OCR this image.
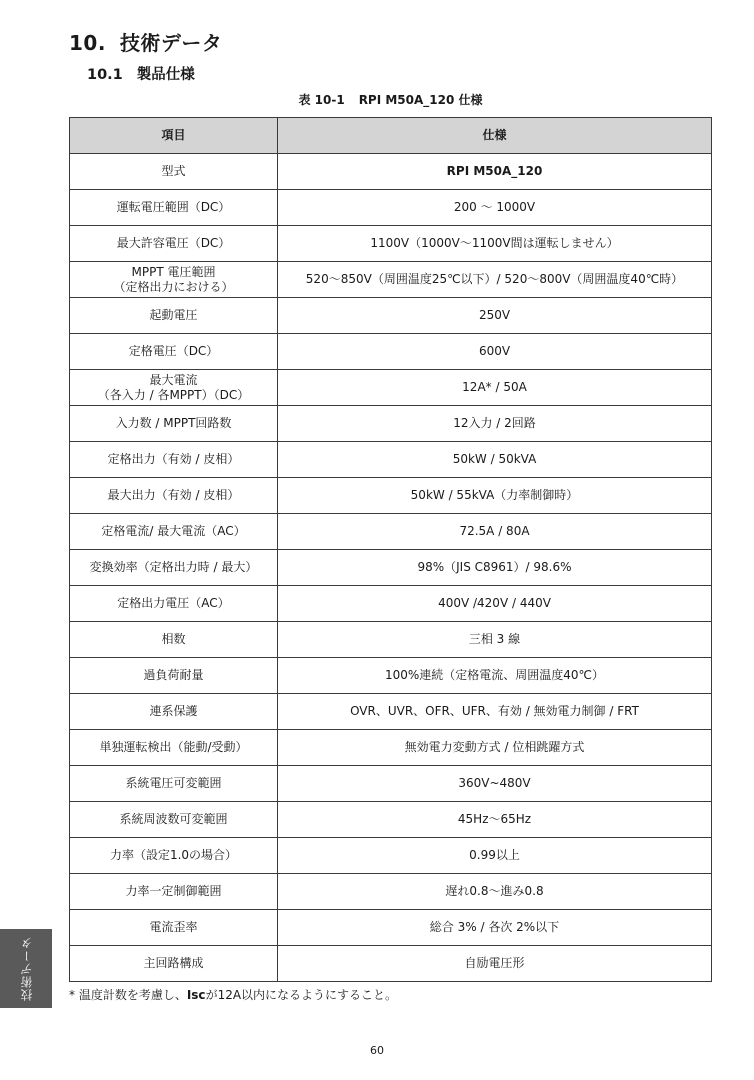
10. 技術データ
10.1 製品仕様
表 10-1 RPI M50A_120 仕様
項目	仕様
型式	RPI M50A_120
運転電圧範囲（DC）	200 〜 1000V
最大許容電圧（DC）	1100V（1000V〜1100V間は運転しません）
MPPT 電圧範囲
（定格出力における）	520〜850V（周囲温度25℃以下）/ 520〜800V（周囲温度40℃時）
起動電圧	250V
定格電圧（DC）	600V
最大電流
（各入力 / 各MPPT）（DC）	12A* / 50A
入力数 / MPPT回路数	12入力 / 2回路
定格出力（有効 / 皮相）	50kW / 50kVA
最大出力（有効 / 皮相）	50kW / 55kVA（力率制御時）
定格電流/ 最大電流（AC）	72.5A / 80A
変換効率（定格出力時 / 最大）	98%（JIS C8961）/ 98.6%
定格出力電圧（AC）	400V /420V / 440V
相数	三相 3 線
過負荷耐量	100%連続（定格電流、周囲温度40℃）
連系保護	OVR、UVR、OFR、UFR、有効 / 無効電力制御 / FRT
単独運転検出（能動/受動）	無効電力変動方式 / 位相跳躍方式
系統電圧可変範囲	360V~480V
系統周波数可変範囲	45Hz〜65Hz
力率（設定1.0の場合）	0.99以上
力率一定制御範囲	遅れ0.8〜進み0.8
電流歪率	総合 3% / 各次 2%以下
主回路構成	自励電圧形
* 温度計数を考慮し、Iscが12A以内になるようにすること。
技術データ
60
